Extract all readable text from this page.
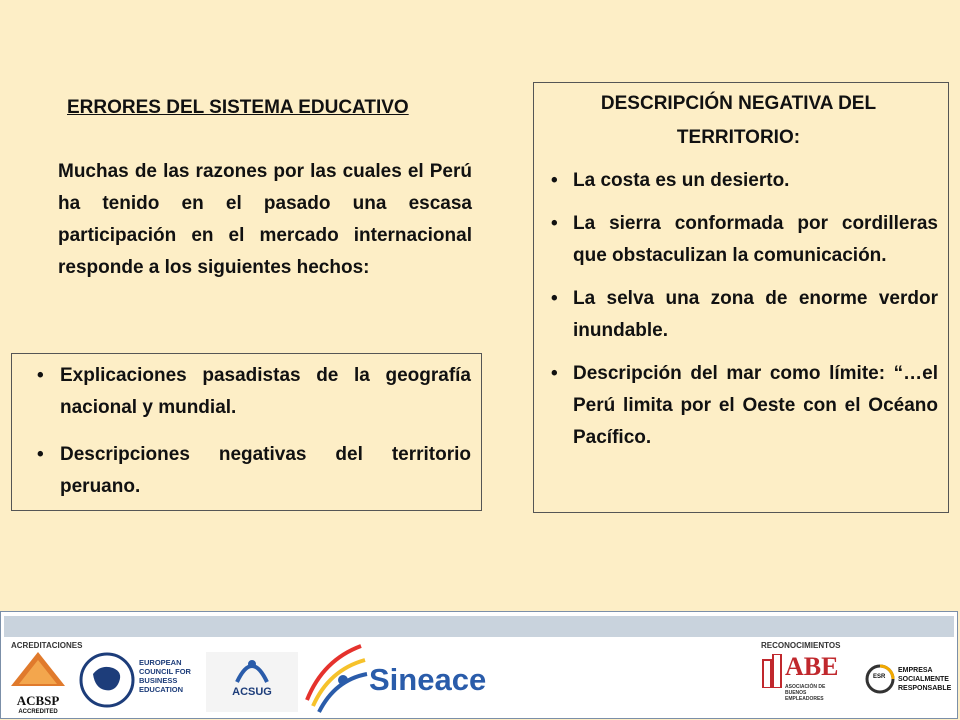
ERRORES DEL SISTEMA EDUCATIVO
Muchas de las razones por las cuales el Perú ha tenido en el pasado una escasa participación en el mercado internacional responde a los siguientes hechos:
• Explicaciones pasadistas de la geografía nacional y mundial.
• Descripciones negativas del territorio peruano.
DESCRIPCIÓN NEGATIVA DEL TERRITORIO:
• La costa es un desierto.
• La sierra conformada por cordilleras que obstaculizan la comunicación.
• La selva una zona de enorme verdor inundable.
• Descripción del mar como límite: “…el Perú limita por el Oeste con el Océano Pacífico.
ACREDITACIONES	RECONOCIMIENTOS
ACBSP
ACCREDITED
EUROPEAN
COUNCIL FOR
BUSINESS
EDUCATION	ACSUG	Sineace	ABE
ASOCIACIÓN DE BUENOS EMPLEADORES
ESR
EMPRESA
SOCIALMENTE
RESPONSABLE
